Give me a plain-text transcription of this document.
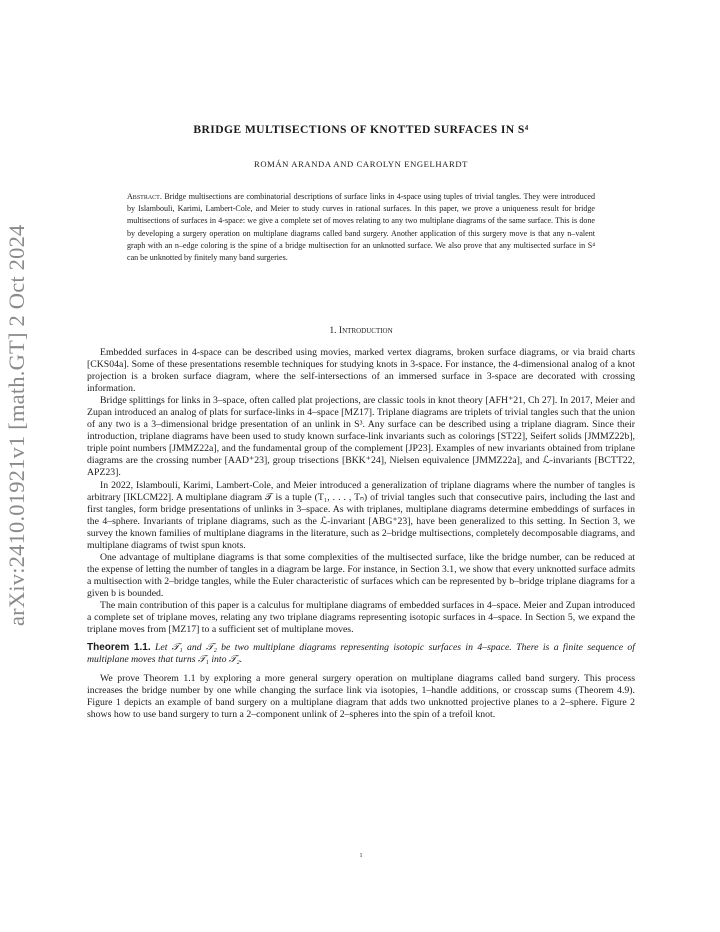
arXiv:2410.01921v1 [math.GT] 2 Oct 2024
BRIDGE MULTISECTIONS OF KNOTTED SURFACES IN S⁴
ROMÁN ARANDA AND CAROLYN ENGELHARDT
Abstract. Bridge multisections are combinatorial descriptions of surface links in 4-space using tuples of trivial tangles. They were introduced by Islambouli, Karimi, Lambert-Cole, and Meier to study curves in rational surfaces. In this paper, we prove a uniqueness result for bridge multisections of surfaces in 4-space: we give a complete set of moves relating to any two multiplane diagrams of the same surface. This is done by developing a surgery operation on multiplane diagrams called band surgery. Another application of this surgery move is that any n–valent graph with an n–edge coloring is the spine of a bridge multisection for an unknotted surface. We also prove that any multisected surface in S⁴ can be unknotted by finitely many band surgeries.
1. Introduction

Embedded surfaces in 4-space can be described using movies, marked vertex diagrams, broken surface diagrams, or via braid charts [CKS04a]. Some of these presentations resemble techniques for studying knots in 3-space. For instance, the 4-dimensional analog of a knot projection is a broken surface diagram, where the self-intersections of an immersed surface in 3-space are decorated with crossing information.

Bridge splittings for links in 3–space, often called plat projections, are classic tools in knot theory [AFH⁺21, Ch 27]. In 2017, Meier and Zupan introduced an analog of plats for surface-links in 4–space [MZ17]. Triplane diagrams are triplets of trivial tangles such that the union of any two is a 3–dimensional bridge presentation of an unlink in S³. Any surface can be described using a triplane diagram. Since their introduction, triplane diagrams have been used to study known surface-link invariants such as colorings [ST22], Seifert solids [JMMZ22b], triple point numbers [JMMZ22a], and the fundamental group of the complement [JP23]. Examples of new invariants obtained from triplane diagrams are the crossing number [AAD⁺23], group trisections [BKK⁺24], Nielsen equivalence [JMMZ22a], and ℒ-invariants [BCTT22, APZ23].

In 2022, Islambouli, Karimi, Lambert-Cole, and Meier introduced a generalization of triplane diagrams where the number of tangles is arbitrary [IKLCM22]. A multiplane diagram 𝒯 is a tuple (T₁, . . . , Tₙ) of trivial tangles such that consecutive pairs, including the last and first tangles, form bridge presentations of unlinks in 3–space. As with triplanes, multiplane diagrams determine embeddings of surfaces in the 4–sphere. Invariants of triplane diagrams, such as the ℒ-invariant [ABG⁺23], have been generalized to this setting. In Section 3, we survey the known families of multiplane diagrams in the literature, such as 2–bridge multisections, completely decomposable diagrams, and multiplane diagrams of twist spun knots.

One advantage of multiplane diagrams is that some complexities of the multisected surface, like the bridge number, can be reduced at the expense of letting the number of tangles in a diagram be large. For instance, in Section 3.1, we show that every unknotted surface admits a multisection with 2–bridge tangles, while the Euler characteristic of surfaces which can be represented by b–bridge triplane diagrams for a given b is bounded.

The main contribution of this paper is a calculus for multiplane diagrams of embedded surfaces in 4–space. Meier and Zupan introduced a complete set of triplane moves, relating any two triplane diagrams representing isotopic surfaces in 4–space. In Section 5, we expand the triplane moves from [MZ17] to a sufficient set of multiplane moves.

Theorem 1.1. Let 𝒯₁ and 𝒯₂ be two multiplane diagrams representing isotopic surfaces in 4–space. There is a finite sequence of multiplane moves that turns 𝒯₁ into 𝒯₂.

We prove Theorem 1.1 by exploring a more general surgery operation on multiplane diagrams called band surgery. This process increases the bridge number by one while changing the surface link via isotopies, 1–handle additions, or crosscap sums (Theorem 4.9). Figure 1 depicts an example of band surgery on a multiplane diagram that adds two unknotted projective planes to a 2–sphere. Figure 2 shows how to use band surgery to turn a 2–component unlink of 2–spheres into the spin of a trefoil knot.

1
